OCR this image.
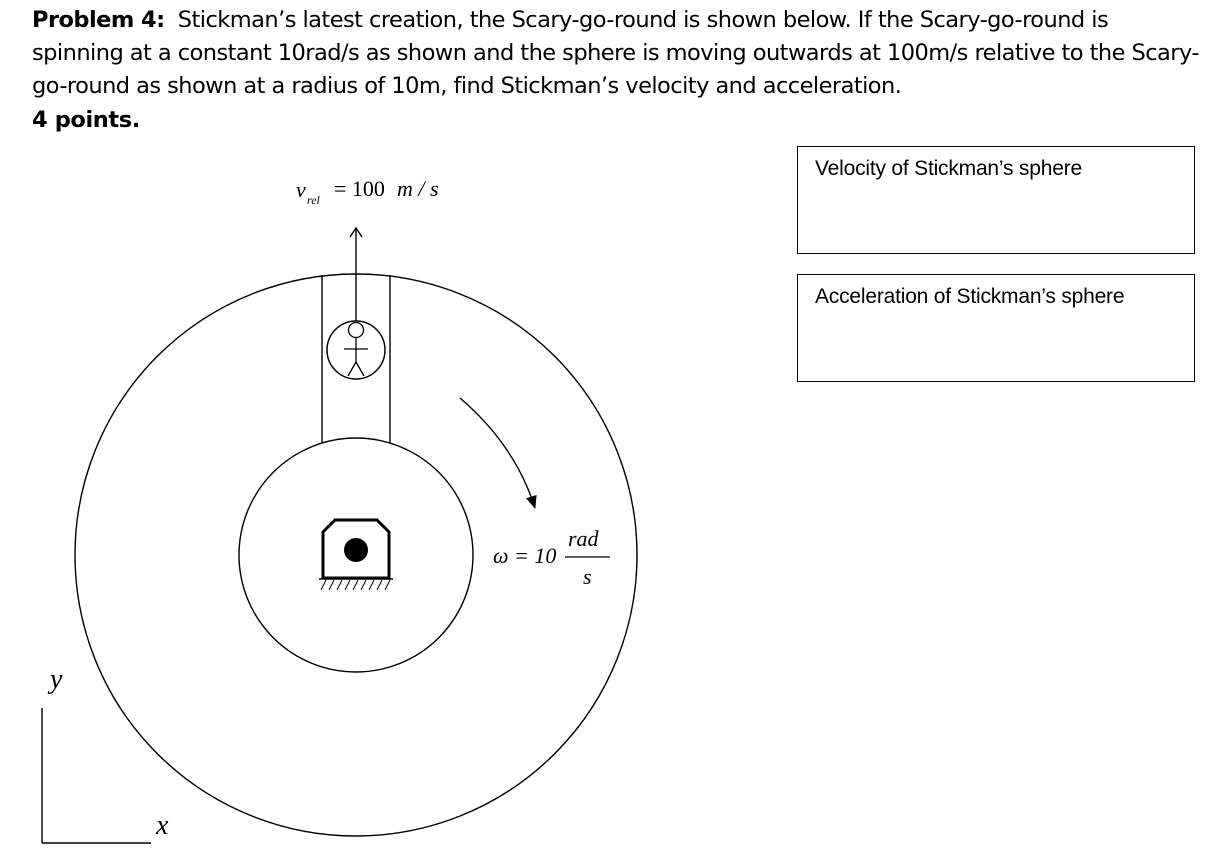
Problem 4: Stickman’s latest creation, the Scary-go-round is shown below. If the Scary-go-round is spinning at a constant 10rad/s as shown and the sphere is moving outwards at 100m/s relative to the Scary-go-round as shown at a radius of 10m, find Stickman’s velocity and acceleration.
4 points.
Velocity of Stickman’s sphere
Acceleration of Stickman’s sphere
v rel = 100 m / s
ω = 10
rad
s
y
x
